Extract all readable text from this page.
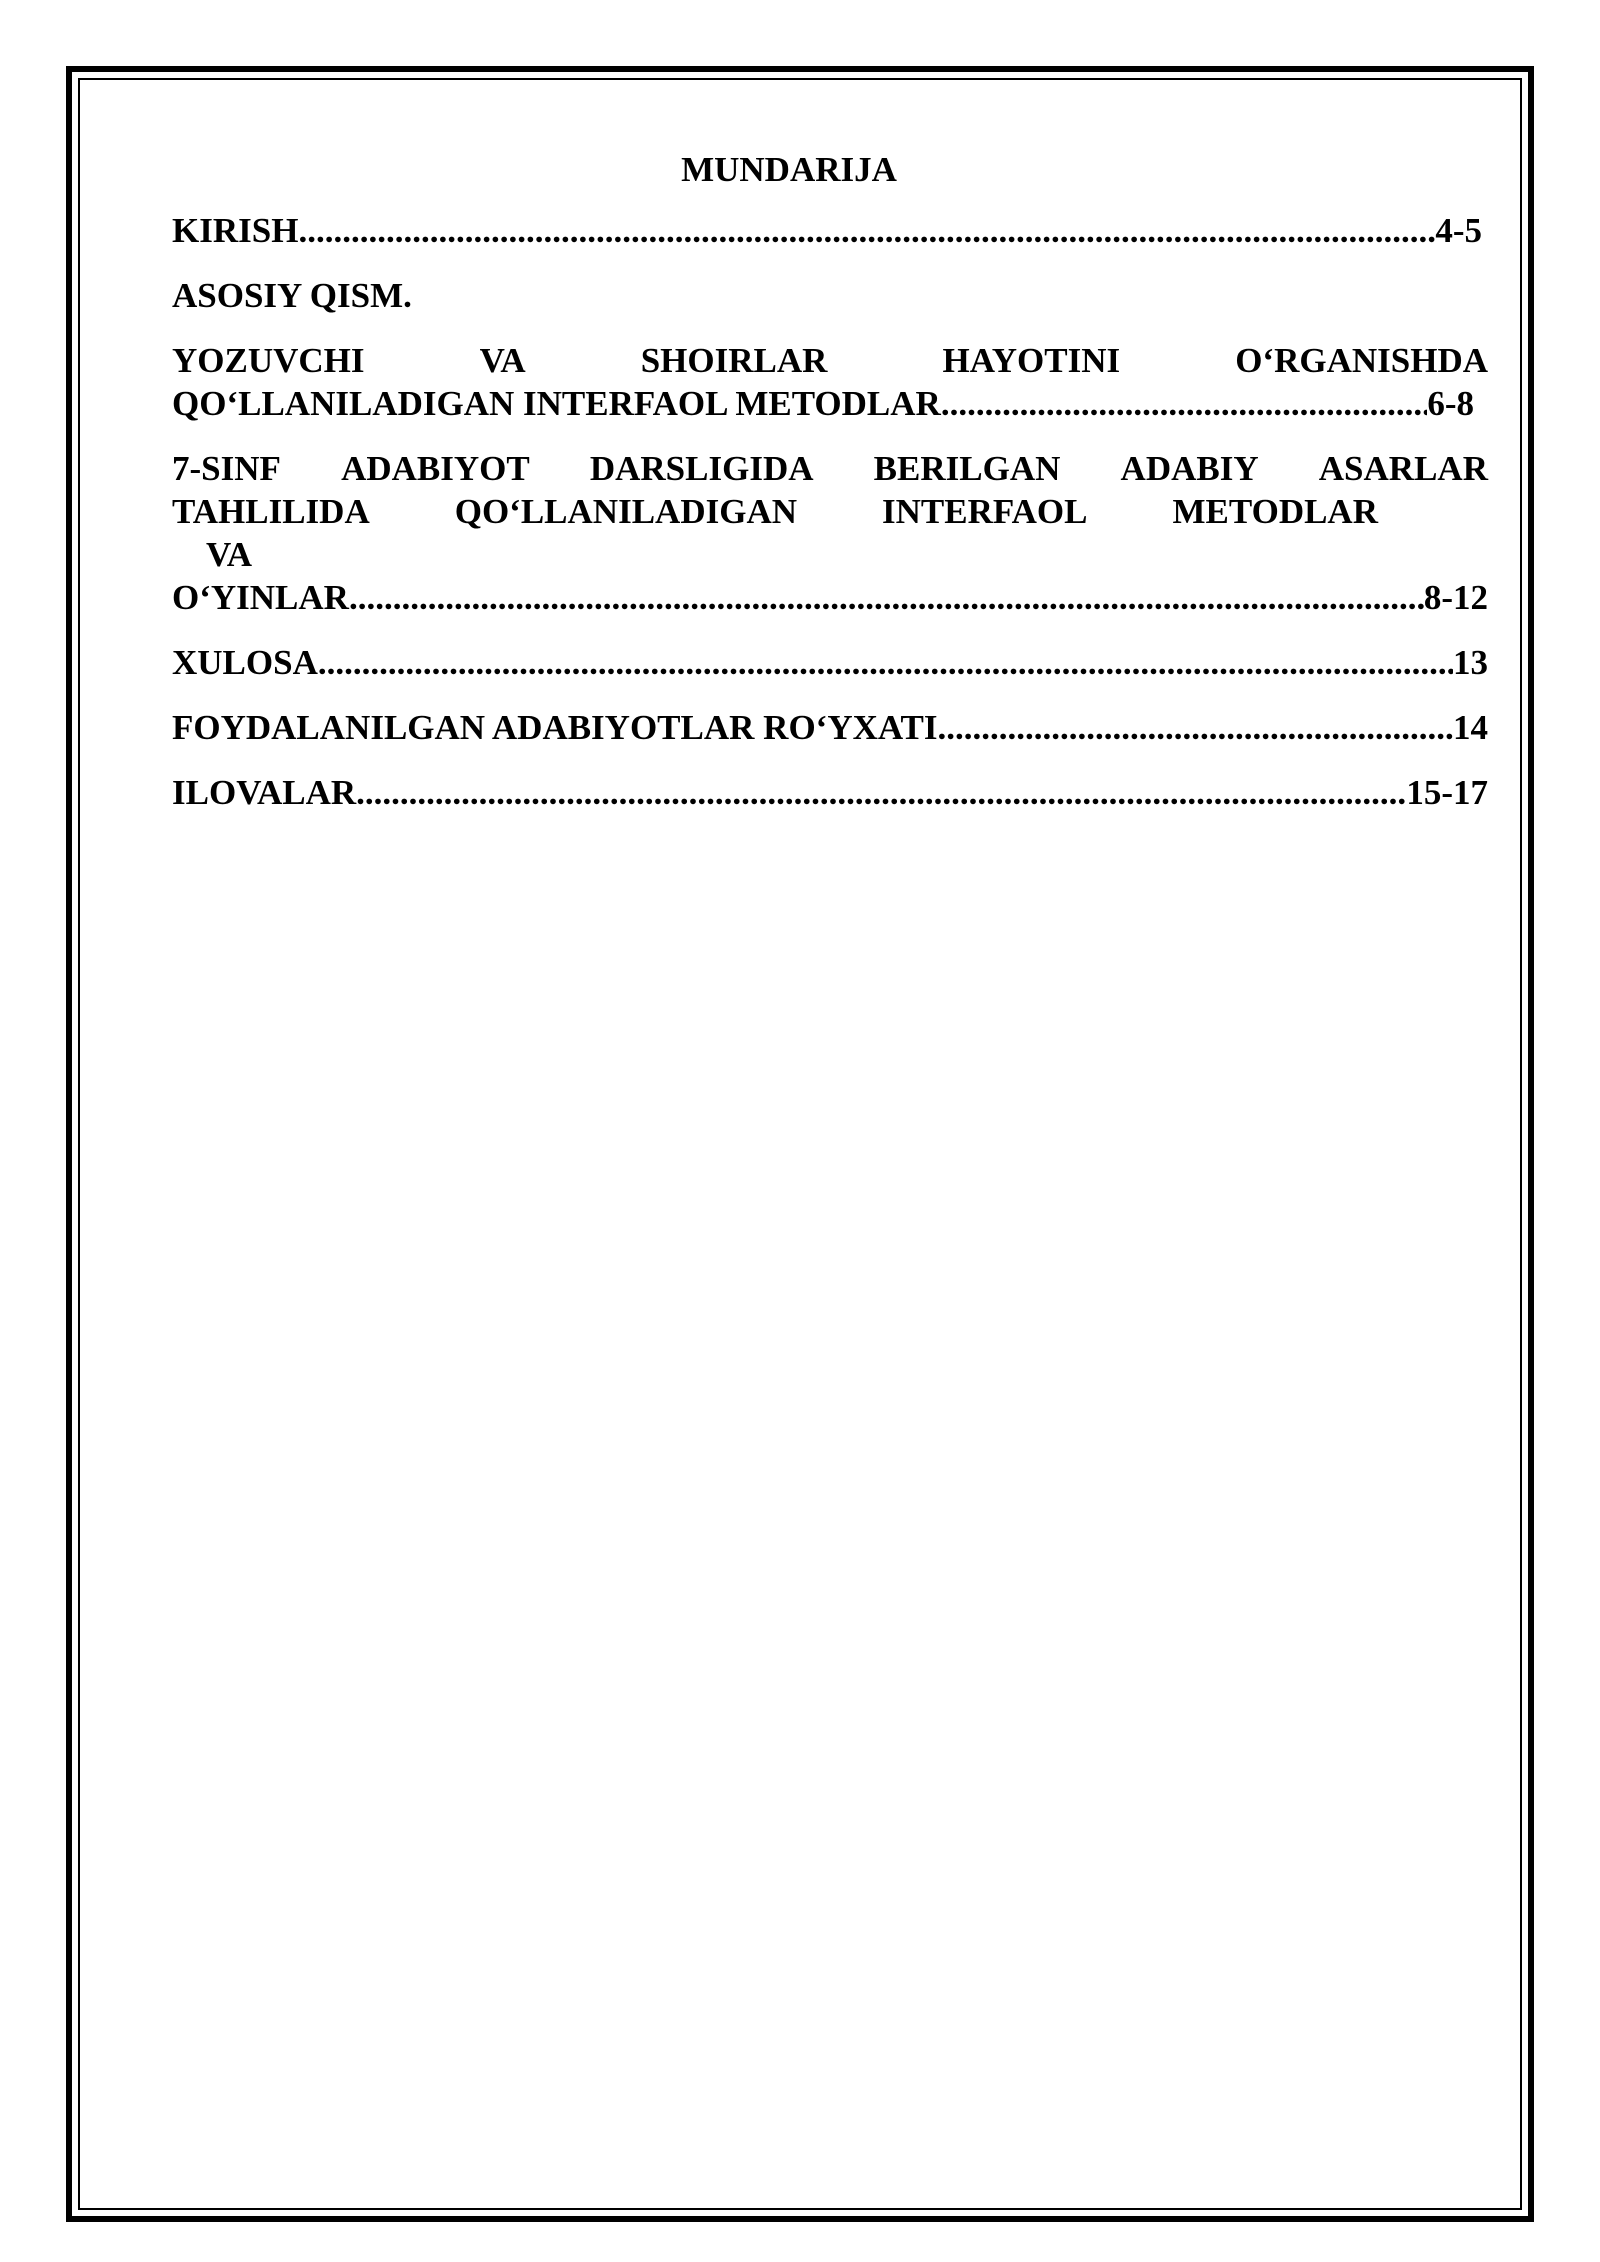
MUNDARIJA
KIRISH .....	4-5
ASOSIY QISM.
YOZUVCHI	VA	SHOIRLAR	HAYOTINI	O‘RGANISHDA
QO‘LLANILADIGAN INTERFAOL METODLAR .....	6-8
7-SINF ADABIYOT DARSLIGIDA BERILGAN ADABIY ASARLAR
TAHLILIDA QO‘LLANILADIGAN INTERFAOL METODLAR
VA
O‘YINLAR .....	8-12
XULOSA .....	13
FOYDALANILGAN ADABIYOTLAR RO‘YXATI .....	14
ILOVALAR .....	15-17
